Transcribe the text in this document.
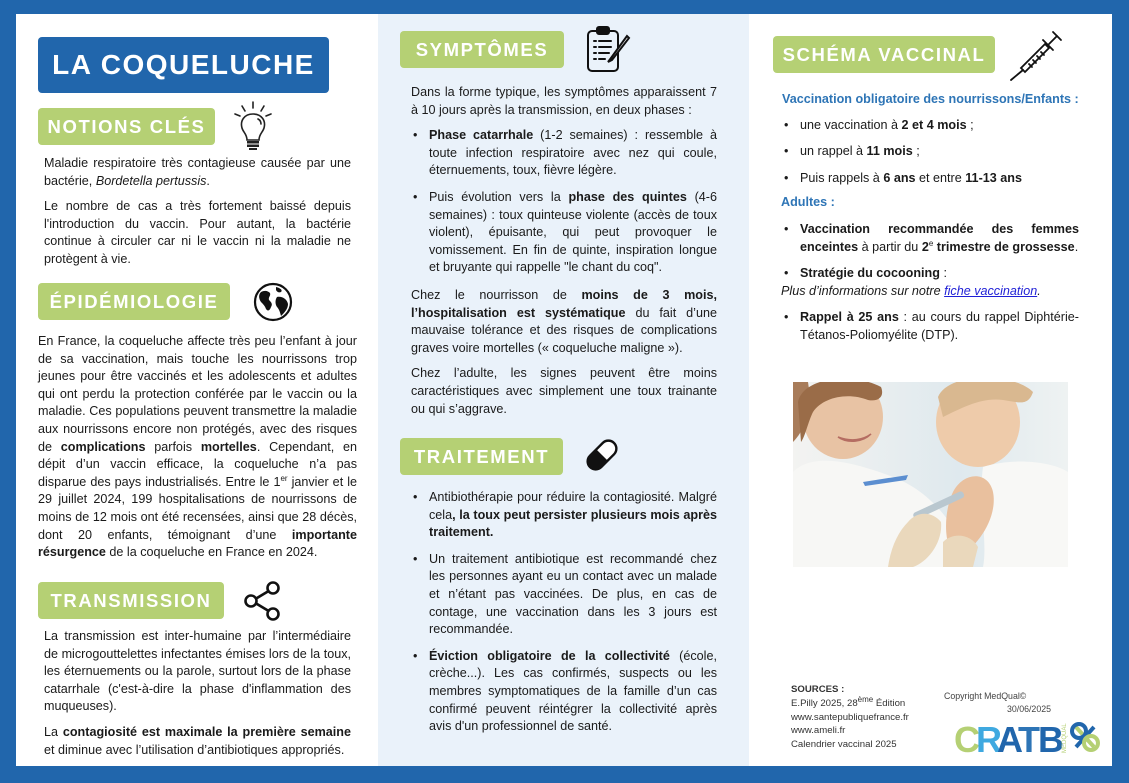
LA COQUELUCHE
NOTIONS CLÉS

Maladie respiratoire très contagieuse causée par une bactérie, Bordetella pertussis.

Le nombre de cas a très fortement baissé depuis l'introduction du vaccin. Pour autant, la bactérie continue à circuler car ni le vaccin ni la maladie ne protègent à vie.

ÉPIDÉMIOLOGIE

En France, la coqueluche affecte très peu l’enfant à jour de sa vaccination, mais touche les nourrissons trop jeunes pour être vaccinés et les adolescents et adultes qui ont perdu la protection conférée par le vaccin ou la maladie. Ces populations peuvent transmettre la maladie aux nourrissons encore non protégés, avec des risques de complications parfois mortelles. Cependant, en dépit d’un vaccin efficace, la coqueluche n’a pas disparue des pays industrialisés. Entre le 1er janvier et le 29 juillet 2024, 199 hospitalisations de nourrissons de moins de 12 mois ont été recensées, ainsi que 28 décès, dont 20 enfants, témoignant d’une importante résurgence de la coqueluche en France en 2024.

TRANSMISSION

La transmission est inter-humaine par l’intermédiaire de microgouttelettes infectantes émises lors de la toux, les éternuements ou la parole, surtout lors de la phase catarrhale (c'est-à-dire la phase d'inflammation des muqueuses).

La contagiosité est maximale la première semaine et diminue avec l’utilisation d’antibiotiques appropriés.

SYMPTÔMES

Dans la forme typique, les symptômes apparaissent 7 à 10 jours après la transmission, en deux phases :

• Phase catarrhale (1-2 semaines) : ressemble à toute infection respiratoire avec nez qui coule, éternuements, toux, fièvre légère.
• Puis évolution vers la phase des quintes (4-6 semaines) : toux quinteuse violente (accès de toux violent), épuisante, qui peut provoquer le vomissement. En fin de quinte, inspiration longue et bruyante qui rappelle "le chant du coq".

Chez le nourrisson de moins de 3 mois, l’hospitalisation est systématique du fait d’une mauvaise tolérance et des risques de complications graves voire mortelles (« coqueluche maligne »).

Chez l’adulte, les signes peuvent être moins caractéristiques avec simplement une toux trainante ou qui s’aggrave.

TRAITEMENT
• Antibiothérapie pour réduire la contagiosité. Malgré cela, la toux peut persister plusieurs mois après traitement.
• Un traitement antibiotique est recommandé chez les personnes ayant eu un contact avec un malade et n’étant pas vaccinées. De plus, en cas de contage, une vaccination dans les 3 jours est recommandée.
• Éviction obligatoire de la collectivité (école, crèche...). Les cas confirmés, suspects ou les membres symptomatiques de la famille d’un cas confirmé peuvent réintégrer la collectivité après avis d'un professionnel de santé.
SCHÉMA VACCINAL
Vaccination obligatoire des nourrissons/Enfants :
• une vaccination à 2 et 4 mois ;
• un rappel à 11 mois ;
• Puis rappels à 6 ans et entre 11-13 ans
Adultes :
• Vaccination recommandée des femmes enceintes à partir du 2e trimestre de grossesse.
• Stratégie du cocooning :
Plus d’informations sur notre fiche vaccination.
• Rappel à 25 ans : au cours du rappel Diphtérie-Tétanos-Poliomyélite (DTP).
SOURCES :
E.Pilly 2025, 28ème Édition
www.santepubliquefrance.fr
www.ameli.fr
Calendrier vaccinal 2025
Copyright MedQual©
30/06/2025
C R
A
T B MEDQUAL
